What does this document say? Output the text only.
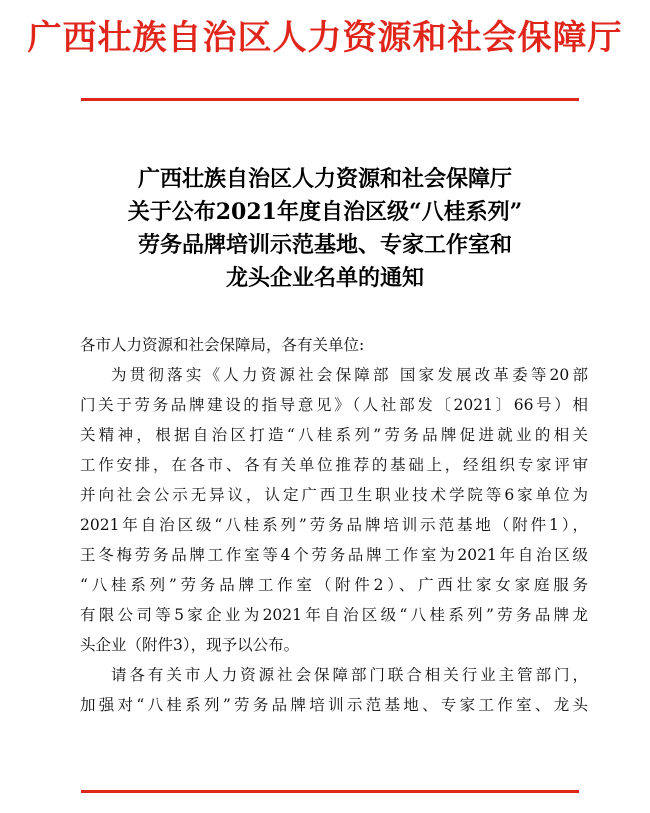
广西壮族自治区人力资源和社会保障厅
广西壮族自治区人力资源和社会保障厅
关于公布2021年度自治区级“八桂系列”
劳务品牌培训示范基地、专家工作室和
龙头企业名单的通知
各市人力资源和社会保障局，各有关单位:
为贯彻落实《人力资源社会保障部 国家发展改革委等20部
门关于劳务品牌建设的指导意见》（人社部发〔2021〕66号）相
关精神，根据自治区打造“八桂系列”劳务品牌促进就业的相关
工作安排，在各市、各有关单位推荐的基础上，经组织专家评审
并向社会公示无异议，认定广西卫生职业技术学院等6家单位为
2021年自治区级“八桂系列”劳务品牌培训示范基地（附件1），
王冬梅劳务品牌工作室等4个劳务品牌工作室为2021年自治区级
“八桂系列”劳务品牌工作室（附件2）、广西壮家女家庭服务
有限公司等5家企业为2021年自治区级“八桂系列”劳务品牌龙
头企业（附件3），现予以公布。
请各有关市人力资源社会保障部门联合相关行业主管部门，
加强对“八桂系列”劳务品牌培训示范基地、专家工作室、龙头
